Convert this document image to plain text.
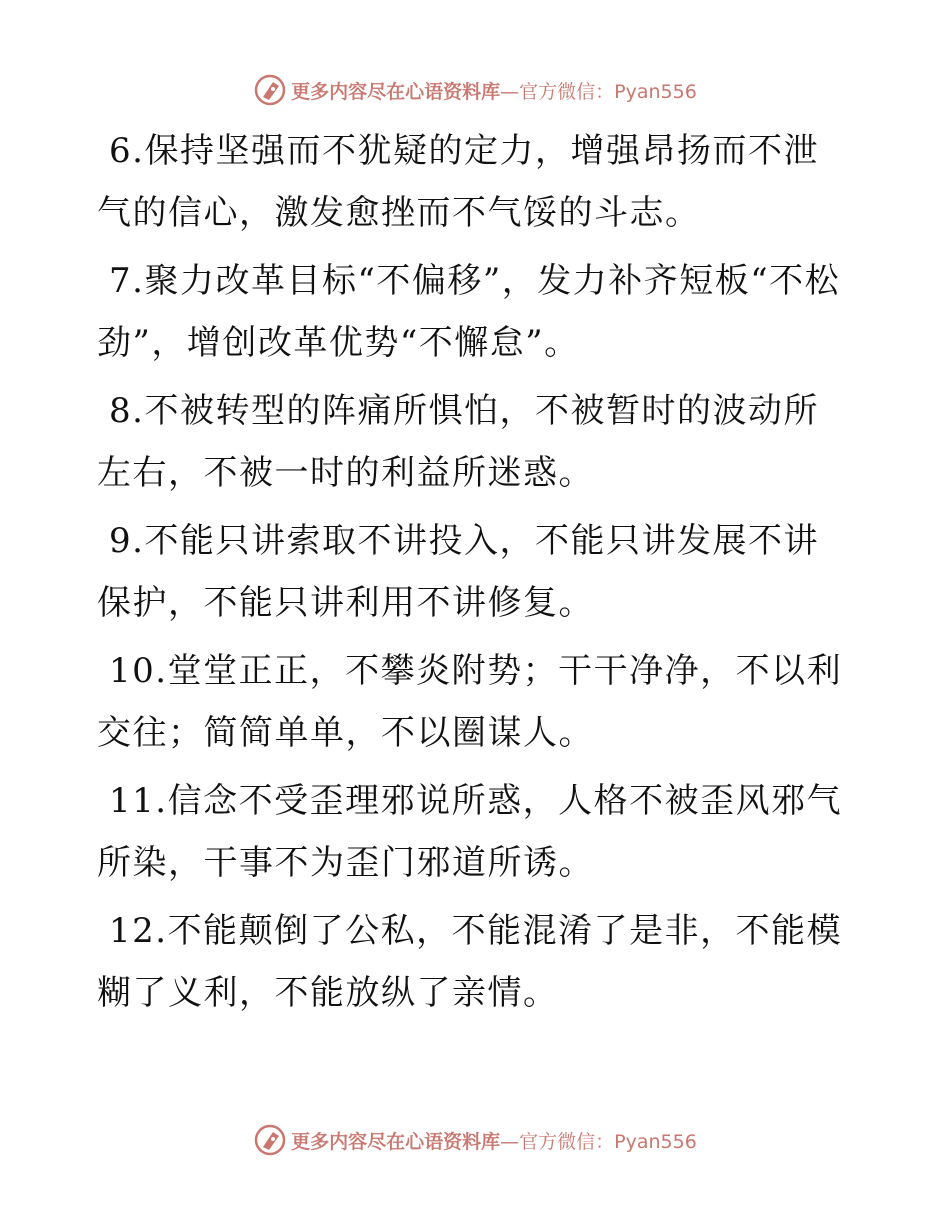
更多内容尽在心语资料库 —官方微信：Pyan556

6.保持坚强而不犹疑的定力，增强昂扬而不泄气的信心，激发愈挫而不气馁的斗志。

7.聚力改革目标“不偏移”，发力补齐短板“不松劲”，增创改革优势“不懈怠”。

8.不被转型的阵痛所惧怕，不被暂时的波动所左右，不被一时的利益所迷惑。

9.不能只讲索取不讲投入，不能只讲发展不讲保护，不能只讲利用不讲修复。

10.堂堂正正，不攀炎附势；干干净净，不以利交往；简简单单，不以圈谋人。

11.信念不受歪理邪说所惑，人格不被歪风邪气所染，干事不为歪门邪道所诱。

12.不能颠倒了公私，不能混淆了是非，不能模糊了义利，不能放纵了亲情。

更多内容尽在心语资料库 —官方微信：Pyan556
